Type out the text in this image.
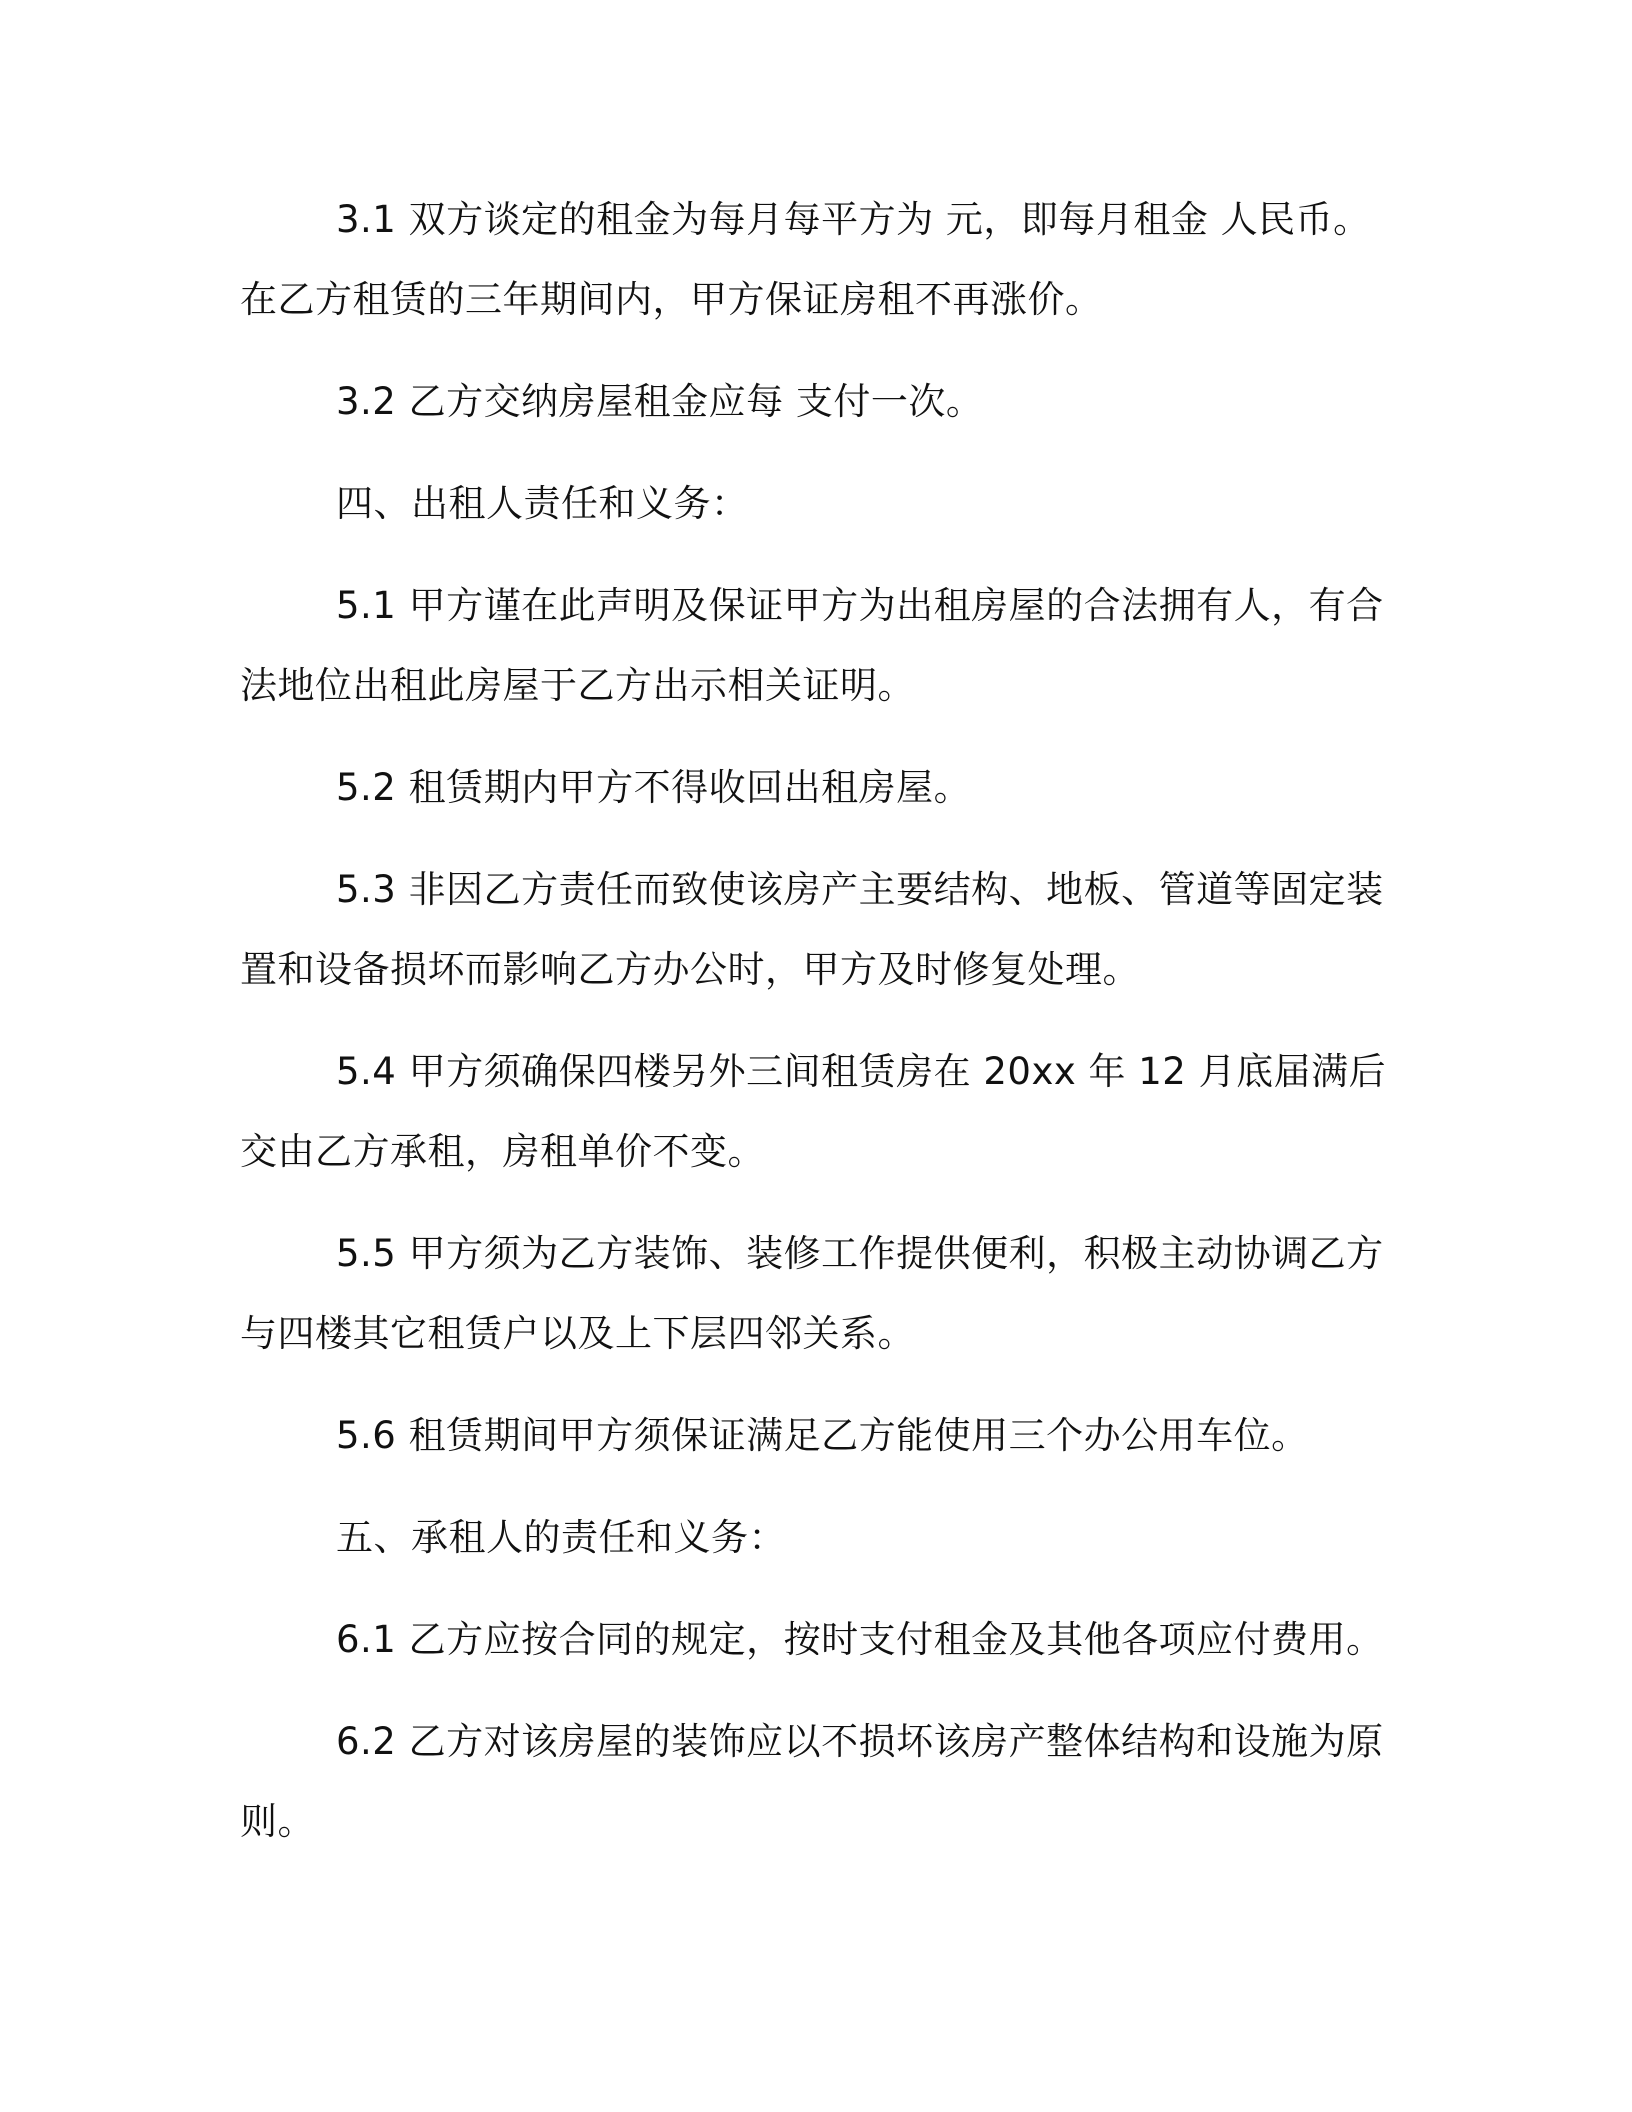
3.1 双方谈定的租金为每月每平方为 元，即每月租金 人民币。在乙方租赁的三年期间内，甲方保证房租不再涨价。

3.2 乙方交纳房屋租金应每 支付一次。

四、出租人责任和义务：

5.1 甲方谨在此声明及保证甲方为出租房屋的合法拥有人，有合法地位出租此房屋于乙方出示相关证明。

5.2 租赁期内甲方不得收回出租房屋。

5.3 非因乙方责任而致使该房产主要结构、地板、管道等固定装置和设备损坏而影响乙方办公时，甲方及时修复处理。

5.4 甲方须确保四楼另外三间租赁房在 20xx 年 12 月底届满后交由乙方承租，房租单价不变。

5.5 甲方须为乙方装饰、装修工作提供便利，积极主动协调乙方与四楼其它租赁户以及上下层四邻关系。

5.6 租赁期间甲方须保证满足乙方能使用三个办公用车位。

五、承租人的责任和义务：

6.1 乙方应按合同的规定，按时支付租金及其他各项应付费用。

6.2 乙方对该房屋的装饰应以不损坏该房产整体结构和设施为原则。
